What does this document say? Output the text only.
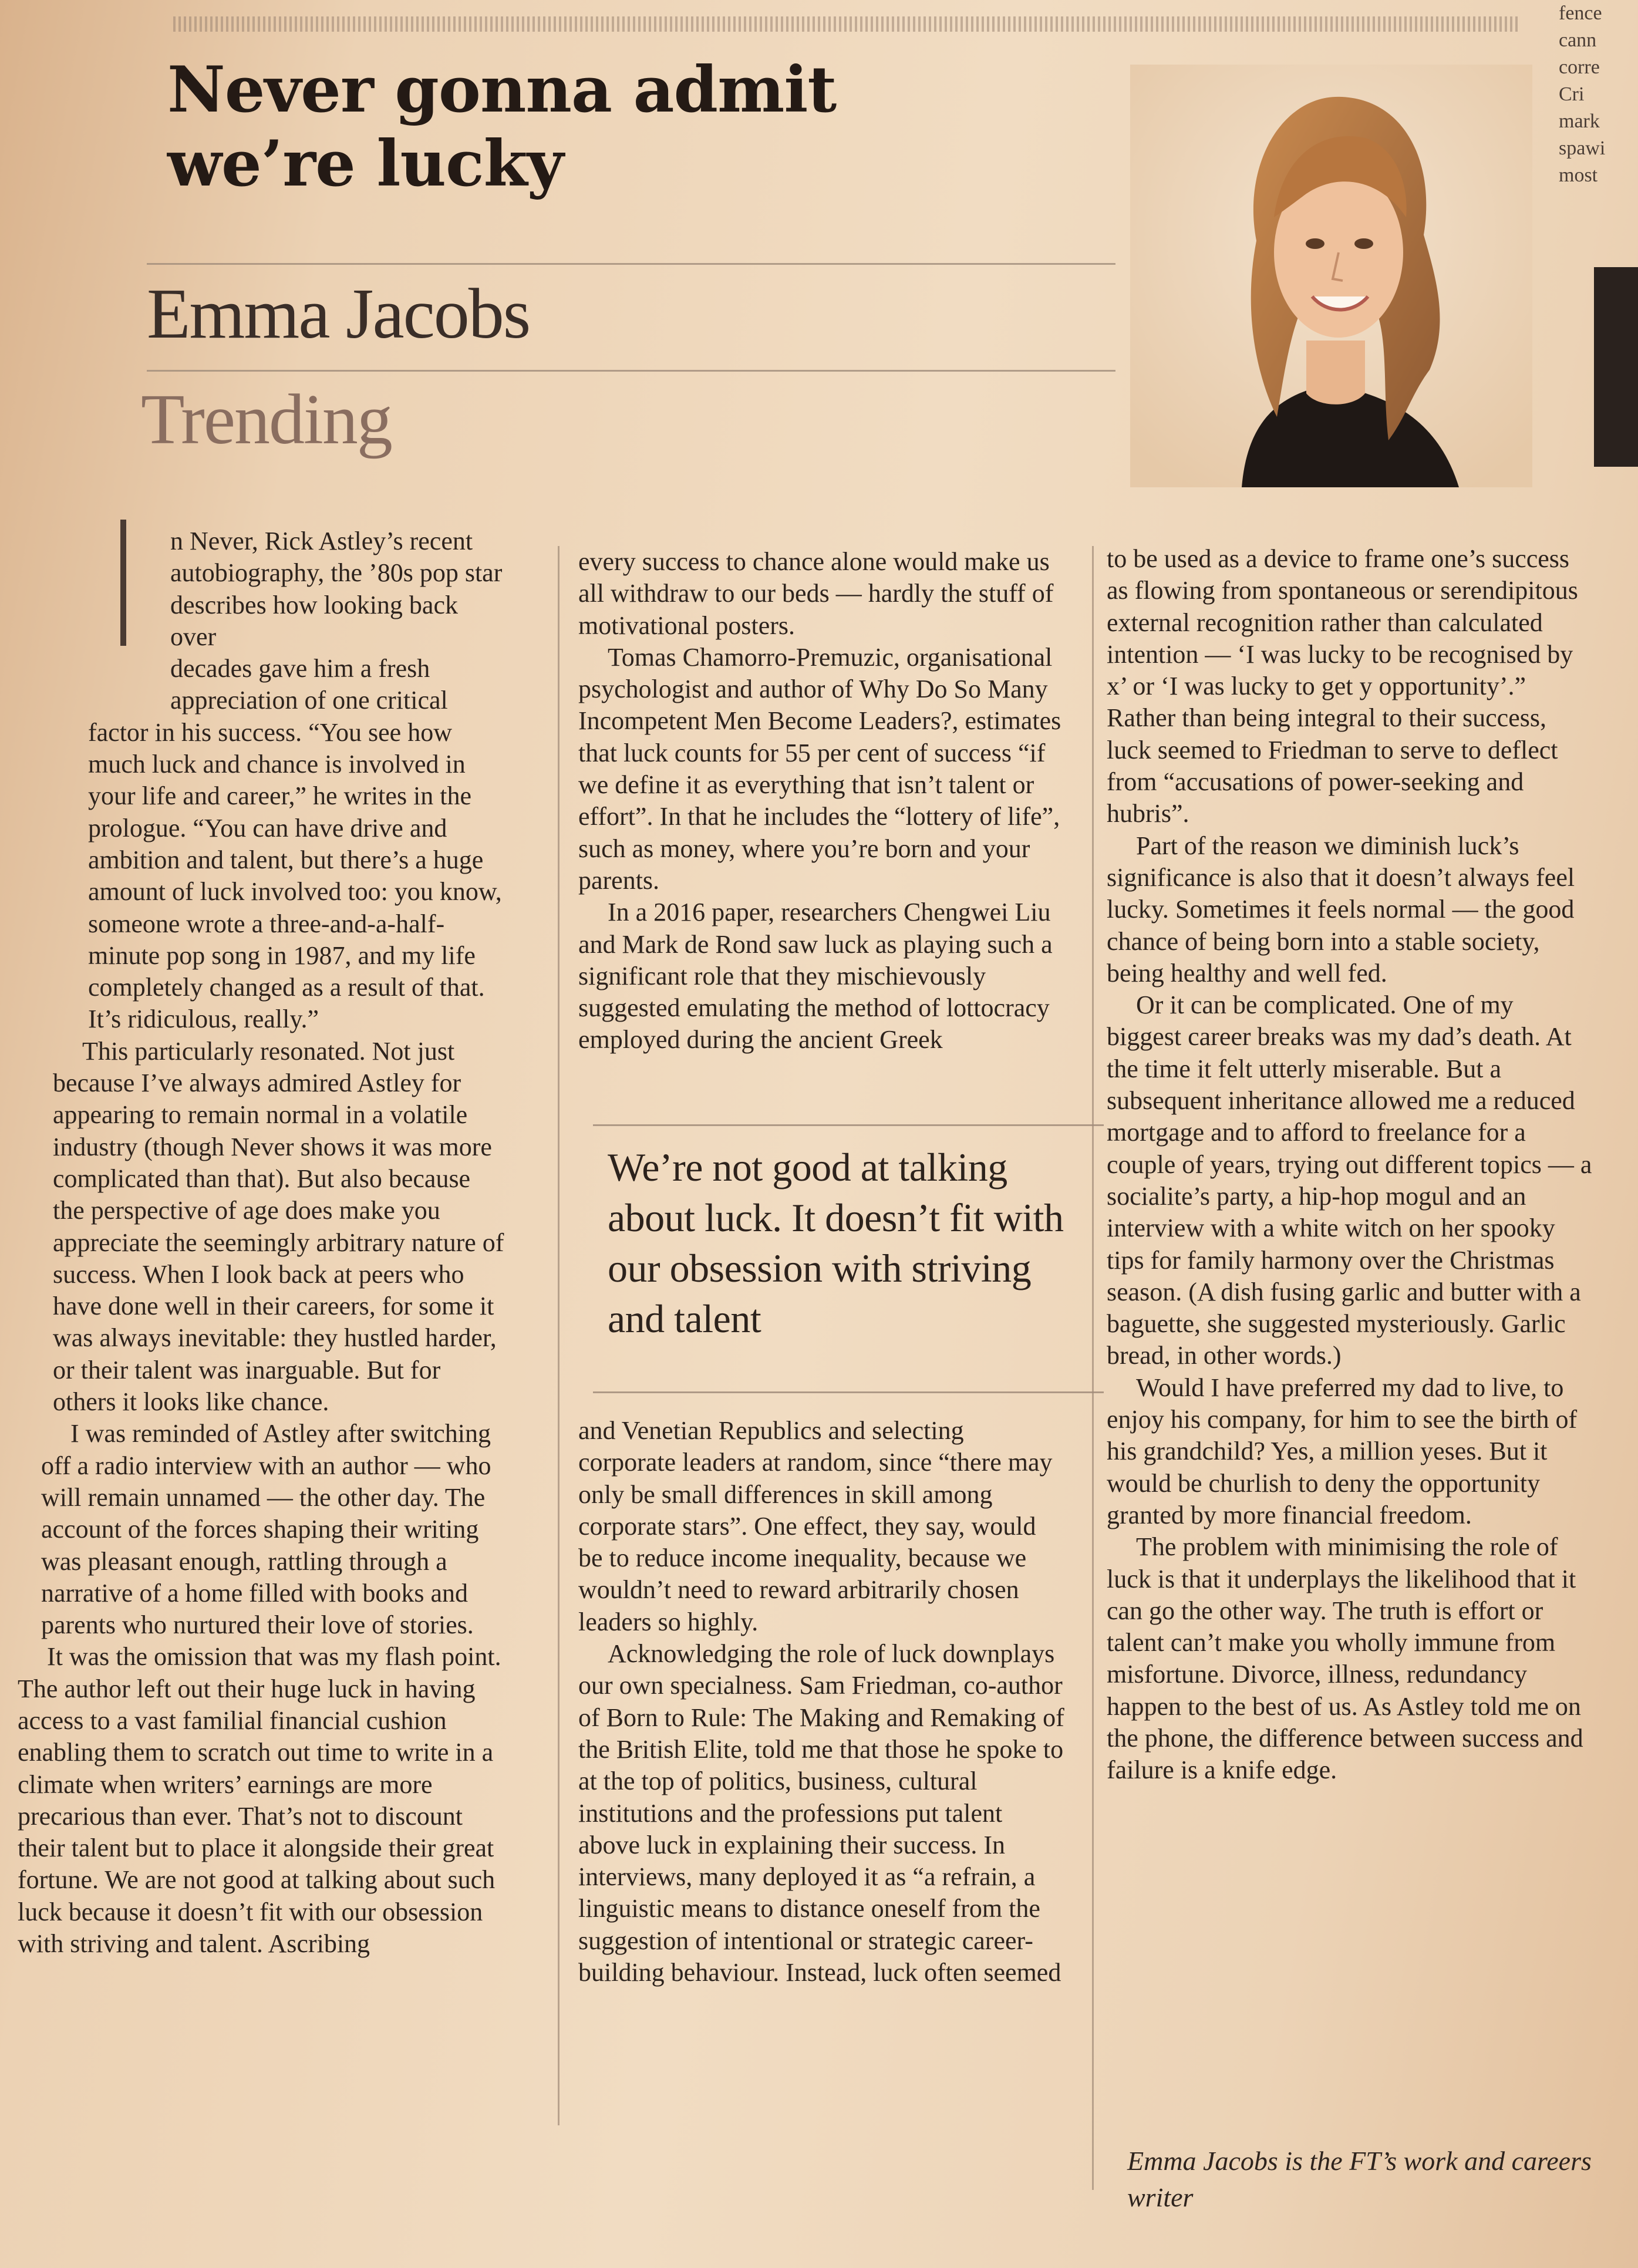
Never gonna admit
we’re lucky
Emma Jacobs
Trending
fence
cann
corre
Cri
mark
spawi
most

n Never, Rick Astley’s recent

autobiography, the ’80s pop star

describes how looking back over

decades gave him a fresh

appreciation of one critical

factor in his success. “You see how much luck and chance is involved in your life and career,” he writes in the prologue. “You can have drive and ambition and talent, but there’s a huge amount of luck involved too: you know, someone wrote a three-and-a-half-minute pop song in 1987, and my life completely changed as a result of that. It’s ridiculous, really.”

This particularly resonated. Not just because I’ve always admired Astley for appearing to remain normal in a volatile industry (though Never shows it was more complicated than that). But also because the perspective of age does make you appreciate the seemingly arbitrary nature of success. When I look back at peers who have done well in their careers, for some it was always inevitable: they hustled harder, or their talent was inarguable. But for others it looks like chance.

I was reminded of Astley after switching off a radio interview with an author — who will remain unnamed — the other day. The account of the forces shaping their writing was pleasant enough, rattling through a narrative of a home filled with books and parents who nurtured their love of stories.

It was the omission that was my flash point. The author left out their huge luck in having access to a vast familial financial cushion enabling them to scratch out time to write in a climate when writers’ earnings are more precarious than ever. That’s not to discount their talent but to place it alongside their great fortune. We are not good at talking about such luck because it doesn’t fit with our obsession with striving and talent. Ascribing

every success to chance alone would make us all withdraw to our beds — hardly the stuff of motivational posters.

Tomas Chamorro-Premuzic, organisational psychologist and author of Why Do So Many Incompetent Men Become Leaders?, estimates that luck counts for 55 per cent of success “if we define it as everything that isn’t talent or effort”. In that he includes the “lottery of life”, such as money, where you’re born and your parents.

In a 2016 paper, researchers Chengwei Liu and Mark de Rond saw luck as playing such a significant role that they mischievously suggested emulating the method of lottocracy employed during the ancient Greek

We’re not good at talking about luck. It doesn’t fit with our obsession with striving and talent

and Venetian Republics and selecting corporate leaders at random, since “there may only be small differences in skill among corporate stars”. One effect, they say, would be to reduce income inequality, because we wouldn’t need to reward arbitrarily chosen leaders so highly.

Acknowledging the role of luck downplays our own specialness. Sam Friedman, co-author of Born to Rule: The Making and Remaking of the British Elite, told me that those he spoke to at the top of politics, business, cultural institutions and the professions put talent above luck in explaining their success. In interviews, many deployed it as “a refrain, a linguistic means to distance oneself from the suggestion of intentional or strategic career-building behaviour. Instead, luck often seemed

to be used as a device to frame one’s success as flowing from spontaneous or serendipitous external recognition rather than calculated intention — ‘I was lucky to be recognised by x’ or ‘I was lucky to get y opportunity’.” Rather than being integral to their success, luck seemed to Friedman to serve to deflect from “accusations of power-seeking and hubris”.

Part of the reason we diminish luck’s significance is also that it doesn’t always feel lucky. Sometimes it feels normal — the good chance of being born into a stable society, being healthy and well fed.

Or it can be complicated. One of my biggest career breaks was my dad’s death. At the time it felt utterly miserable. But a subsequent inheritance allowed me a reduced mortgage and to afford to freelance for a couple of years, trying out different topics — a socialite’s party, a hip-hop mogul and an interview with a white witch on her spooky tips for family harmony over the Christmas season. (A dish fusing garlic and butter with a baguette, she suggested mysteriously. Garlic bread, in other words.)

Would I have preferred my dad to live, to enjoy his company, for him to see the birth of his grandchild? Yes, a million yeses. But it would be churlish to deny the opportunity granted by more financial freedom.

The problem with minimising the role of luck is that it underplays the likelihood that it can go the other way. The truth is effort or talent can’t make you wholly immune from misfortune. Divorce, illness, redundancy happen to the best of us. As Astley told me on the phone, the difference between success and failure is a knife edge.

Emma Jacobs is the FT’s work and careers writer
